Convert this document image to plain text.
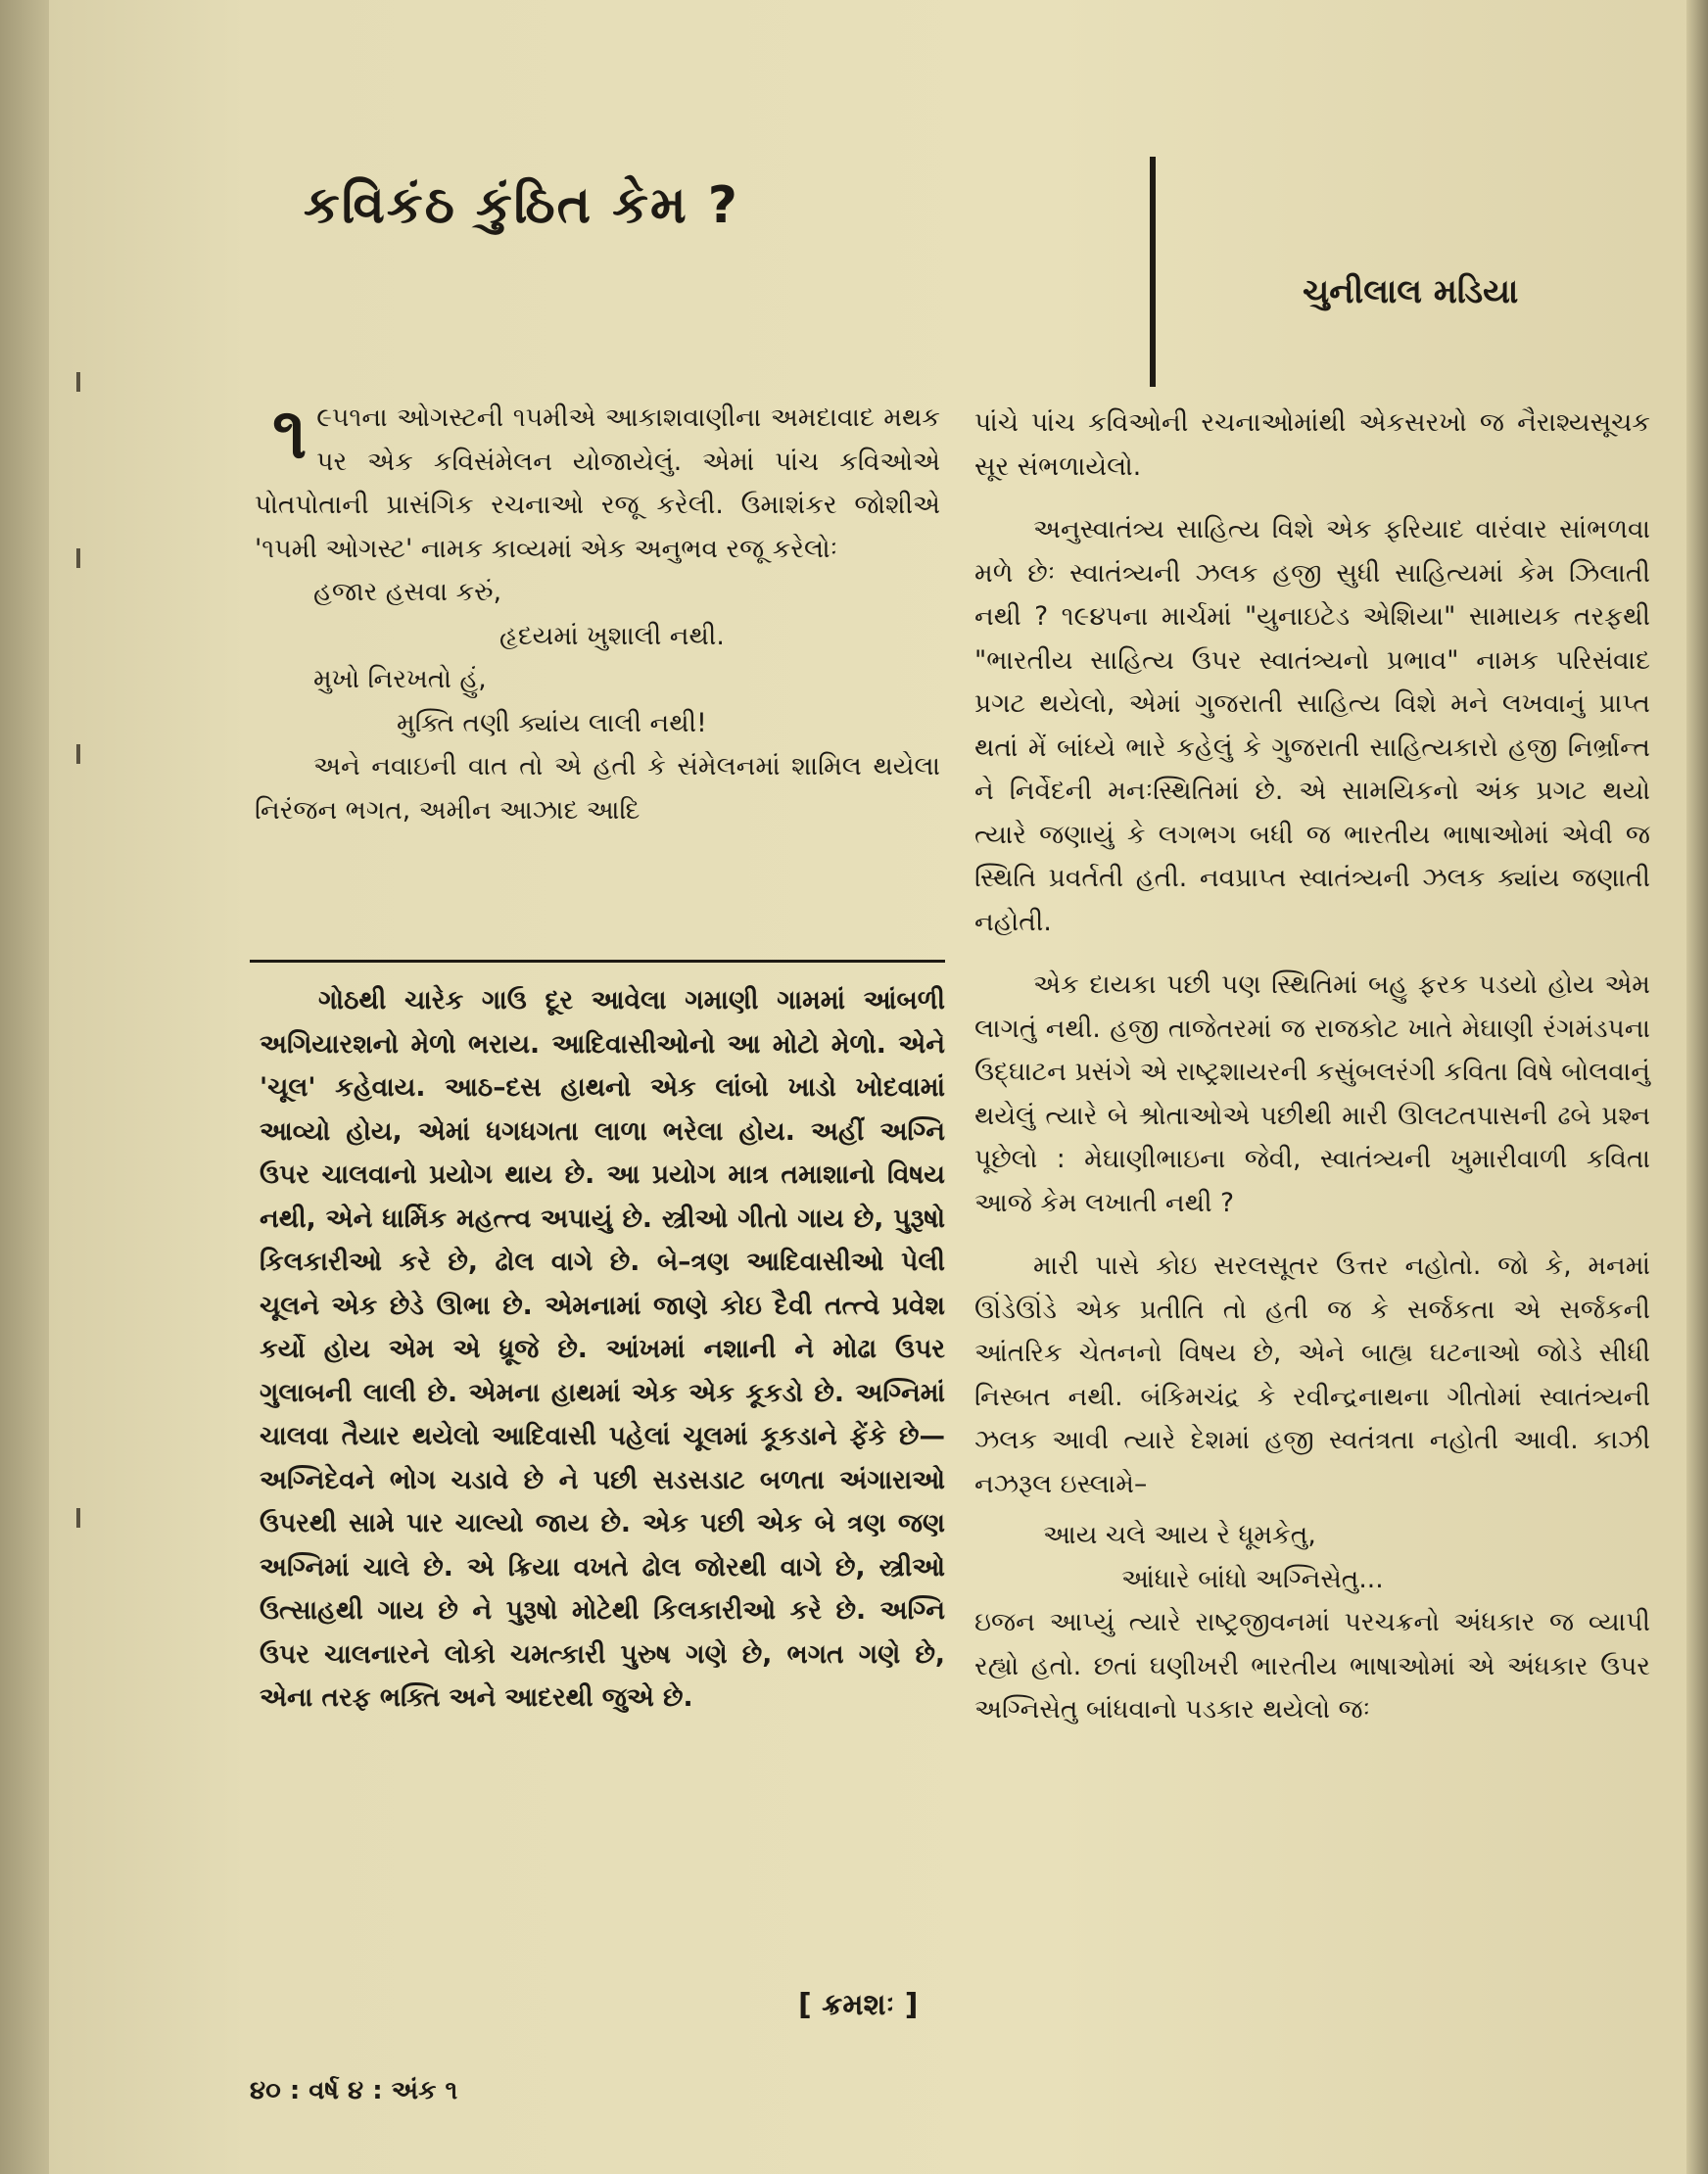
કવિકંઠ કુંઠિત કેમ ?
ચુનીલાલ મડિયા

૧ ૯૫૧ના ઓગસ્ટની ૧૫મીએ આકાશવાણીના અમદાવાદ મથક પર એક કવિસંમેલન યોજાયેલું. એમાં પાંચ કવિઓએ પોતપોતાની પ્રાસંગિક રચનાઓ રજૂ કરેલી. ઉમાશંકર જોશીએ '૧૫મી ઓગસ્ટ' નામક કાવ્યમાં એક અનુભવ રજૂ કરેલોઃ

હજાર હસવા કરું,
હૃદયમાં ખુશાલી નથી.
મુખો નિરખતો હું,
મુક્તિ તણી ક્યાંય લાલી નથી!

અને નવાઇની વાત તો એ હતી કે સંમેલનમાં શામિલ થયેલા નિરંજન ભગત, અમીન આઝાદ આદિ

ગોઠથી ચારેક ગાઉ દૂર આવેલા ગમાણી ગામમાં આંબળી અગિયારશનો મેળો ભરાય. આદિવાસીઓનો આ મોટો મેળો. એને 'ચૂલ' કહેવાય. આઠ–દસ હાથનો એક લાંબો ખાડો ખોદવામાં આવ્યો હોય, એમાં ધગધગતા લાળા ભરેલા હોય. અહીં અગ્નિ ઉપર ચાલવાનો પ્રયોગ થાય છે. આ પ્રયોગ માત્ર તમાશાનો વિષય નથી, એને ધાર્મિક મહત્ત્વ અપાયું છે. સ્ત્રીઓ ગીતો ગાય છે, પુરૂષો કિલકારીઓ કરે છે, ઢોલ વાગે છે. બે–ત્રણ આદિવાસીઓ પેલી ચૂલને એક છેડે ઊભા છે. એમનામાં જાણે કોઇ દૈવી તત્ત્વે પ્રવેશ કર્યો હોય એમ એ ધ્રૂજે છે. આંખમાં નશાની ને મોઢા ઉપર ગુલાબની લાલી છે. એમના હાથમાં એક એક કૂકડો છે. અગ્નિમાં ચાલવા તૈયાર થયેલો આદિવાસી પહેલાં ચૂલમાં કૂકડાને ફેંકે છે—અગ્નિદેવને ભોગ ચડાવે છે ને પછી સડસડાટ બળતા અંગારાઓ ઉપરથી સામે પાર ચાલ્યો જાય છે. એક પછી એક બે ત્રણ જણ અગ્નિમાં ચાલે છે. એ ક્રિયા વખતે ઢોલ જોરથી વાગે છે, સ્ત્રીઓ ઉત્સાહથી ગાય છે ને પુરૂષો મોટેથી કિલકારીઓ કરે છે. અગ્નિ ઉપર ચાલનારને લોકો ચમત્કારી પુરુષ ગણે છે, ભગત ગણે છે, એના તરફ ભક્તિ અને આદરથી જુએ છે.

[ ક્રમશઃ ]

પાંચે પાંચ કવિઓની રચનાઓમાંથી એકસરખો જ નૈરાશ્યસૂચક સૂર સંભળાયેલો.

અનુસ્વાતંત્ર્ય સાહિત્ય વિશે એક ફરિયાદ વારંવાર સાંભળવા મળે છેઃ સ્વાતંત્ર્યની ઝલક હજી સુધી સાહિત્યમાં કેમ ઝિલાતી નથી ? ૧૯૪૫ના માર્ચમાં "યુનાઇટેડ એશિયા" સામાયક તરફથી "ભારતીય સાહિત્ય ઉપર સ્વાતંત્ર્યનો પ્રભાવ" નામક પરિસંવાદ પ્રગટ થયેલો, એમાં ગુજરાતી સાહિત્ય વિશે મને લખવાનું પ્રાપ્ત થતાં મેં બાંધ્યે ભારે કહેલું કે ગુજરાતી સાહિત્યકારો હજી નિર્ભ્રાન્ત ને નિર્વેદની મનઃસ્થિતિમાં છે. એ સામયિકનો અંક પ્રગટ થયો ત્યારે જણાયું કે લગભગ બધી જ ભારતીય ભાષાઓમાં એવી જ સ્થિતિ પ્રવર્તતી હતી. નવપ્રાપ્ત સ્વાતંત્ર્યની ઝલક ક્યાંય જણાતી નહોતી.

એક દાયકા પછી પણ સ્થિતિમાં બહુ ફરક પડયો હોય એમ લાગતું નથી. હજી તાજેતરમાં જ રાજકોટ ખાતે મેઘાણી રંગમંડપના ઉદ્ઘાટન પ્રસંગે એ રાષ્ટ્રશાયરની કસુંબલરંગી કવિતા વિષે બોલવાનું થયેલું ત્યારે બે શ્રોતાઓએ પછીથી મારી ઊલટતપાસની ઢબે પ્રશ્ન પૂછેલો : મેઘાણીભાઇના જેવી, સ્વાતંત્ર્યની ખુમારીવાળી કવિતા આજે કેમ લખાતી નથી ?

મારી પાસે કોઇ સરલસૂતર ઉત્તર નહોતો. જો કે, મનમાં ઊંડેઊંડે એક પ્રતીતિ તો હતી જ કે સર્જકતા એ સર્જકની આંતરિક ચેતનનો વિષય છે, એને બાહ્ય ઘટનાઓ જોડે સીધી નિસ્બત નથી. બંકિમચંદ્ર કે રવીન્દ્રનાથના ગીતોમાં સ્વાતંત્ર્યની ઝલક આવી ત્યારે દેશમાં હજી સ્વતંત્રતા નહોતી આવી. કાઝી નઝરૂલ ઇસ્લામે–

આય ચલે આય રે ધૂમકેતુ,
આંધારે બાંધો અગ્નિસેતુ...

ઇજન આપ્યું ત્યારે રાષ્ટ્રજીવનમાં પરચક્રનો અંધકાર જ વ્યાપી રહ્યો હતો. છતાં ઘણીખરી ભારતીય ભાષાઓમાં એ અંધકાર ઉપર અગ્નિસેતુ બાંધવાનો પડકાર થયેલો જઃ

૪૦ : વર્ષ ૪ : અંક ૧
